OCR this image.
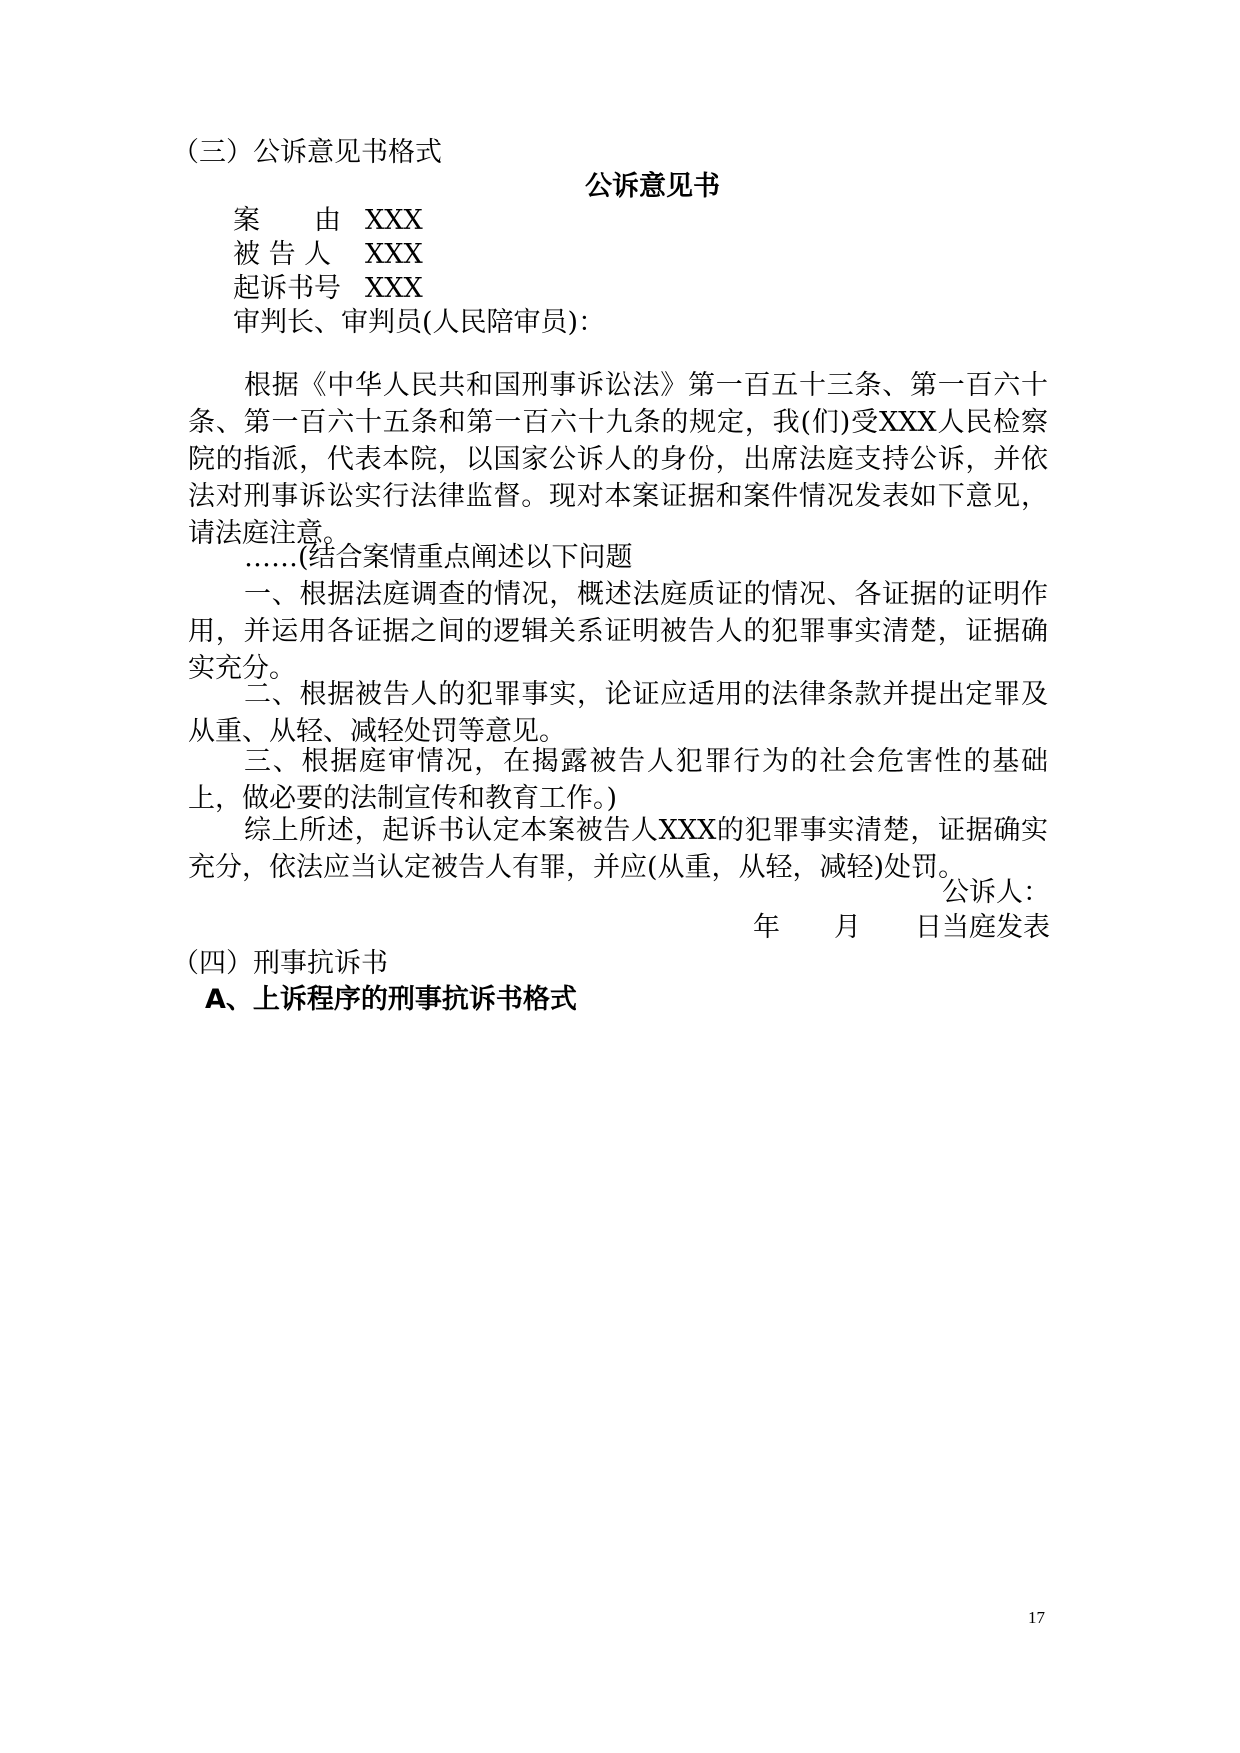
（三）公诉意见书格式
公诉意见书
案　　由 XXX
被 告 人 XXX
起诉书号 XXX
审判长、审判员(人民陪审员)：
根据《中华人民共和国刑事诉讼法》第一百五十三条、第一百六十条、第一百六十五条和第一百六十九条的规定，我(们)受XXX人民检察院的指派，代表本院，以国家公诉人的身份，出席法庭支持公诉，并依法对刑事诉讼实行法律监督。现对本案证据和案件情况发表如下意见，请法庭注意。
……(结合案情重点阐述以下问题
一、根据法庭调查的情况，概述法庭质证的情况、各证据的证明作用，并运用各证据之间的逻辑关系证明被告人的犯罪事实清楚，证据确实充分。
二、根据被告人的犯罪事实，论证应适用的法律条款并提出定罪及从重、从轻、减轻处罚等意见。
三、根据庭审情况，在揭露被告人犯罪行为的社会危害性的基础上，做必要的法制宣传和教育工作。)
综上所述，起诉书认定本案被告人XXX的犯罪事实清楚，证据确实充分，依法应当认定被告人有罪，并应(从重，从轻，减轻)处罚。
公诉人：
年　　月　　日当庭发表
（四）刑事抗诉书
A、上诉程序的刑事抗诉书格式
17
